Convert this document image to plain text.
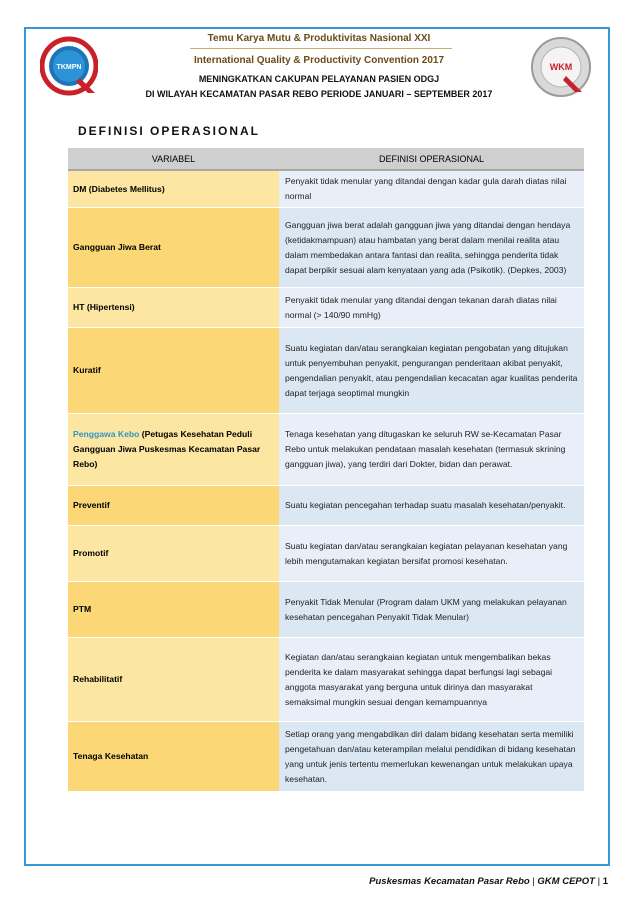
TKMPN	WKM
Temu Karya Mutu & Produktivitas Nasional XXI
International Quality & Productivity Convention 2017
MENINGKATKAN CAKUPAN PELAYANAN PASIEN ODGJ
DI WILAYAH KECAMATAN PASAR REBO PERIODE JANUARI – SEPTEMBER 2017
DEFINISI OPERASIONAL
VARIABEL	DEFINISI OPERASIONAL
DM (Diabetes Mellitus)	Penyakit tidak menular yang ditandai dengan kadar gula darah diatas nilai normal
Gangguan Jiwa Berat	Gangguan jiwa berat adalah gangguan jiwa yang ditandai dengan hendaya (ketidakmampuan) atau hambatan yang berat dalam menilai realita atau dalam membedakan antara fantasi dan realita, sehingga penderita tidak dapat berpikir sesuai alam kenyataan yang ada (Psikotik). (Depkes, 2003)
HT (Hipertensi)	Penyakit tidak menular yang ditandai dengan tekanan darah diatas nilai normal (> 140/90 mmHg)
Kuratif	Suatu kegiatan dan/atau serangkaian kegiatan pengobatan yang ditujukan untuk penyembuhan penyakit, pengurangan penderitaan akibat penyakit, pengendalian penyakit, atau pengendalian kecacatan agar kualitas penderita dapat terjaga seoptimal mungkin
Penggawa Kebo (Petugas Kesehatan Peduli Gangguan Jiwa Puskesmas Kecamatan Pasar Rebo)	Tenaga kesehatan yang ditugaskan ke seluruh RW se-Kecamatan Pasar Rebo untuk melakukan pendataan masalah kesehatan (termasuk skrining gangguan jiwa), yang terdiri dari Dokter, bidan dan perawat.
Preventif	Suatu kegiatan pencegahan terhadap suatu masalah kesehatan/penyakit.
Promotif	Suatu kegiatan dan/atau serangkaian kegiatan pelayanan kesehatan yang lebih mengutamakan kegiatan bersifat promosi kesehatan.
PTM	Penyakit Tidak Menular (Program dalam UKM yang melakukan pelayanan kesehatan pencegahan Penyakit Tidak Menular)
Rehabilitatif	Kegiatan dan/atau serangkaian kegiatan untuk mengembalikan bekas penderita ke dalam masyarakat sehingga dapat berfungsi lagi sebagai anggota masyarakat yang berguna untuk dirinya dan masyarakat semaksimal mungkin sesuai dengan kemampuannya
Tenaga Kesehatan	Setiap orang yang mengabdikan diri dalam bidang kesehatan serta memiliki pengetahuan dan/atau keterampilan melalui pendidikan di bidang kesehatan yang untuk jenis tertentu memerlukan kewenangan untuk melakukan upaya kesehatan.
Puskesmas Kecamatan Pasar Rebo | GKM CEPOT | 1
